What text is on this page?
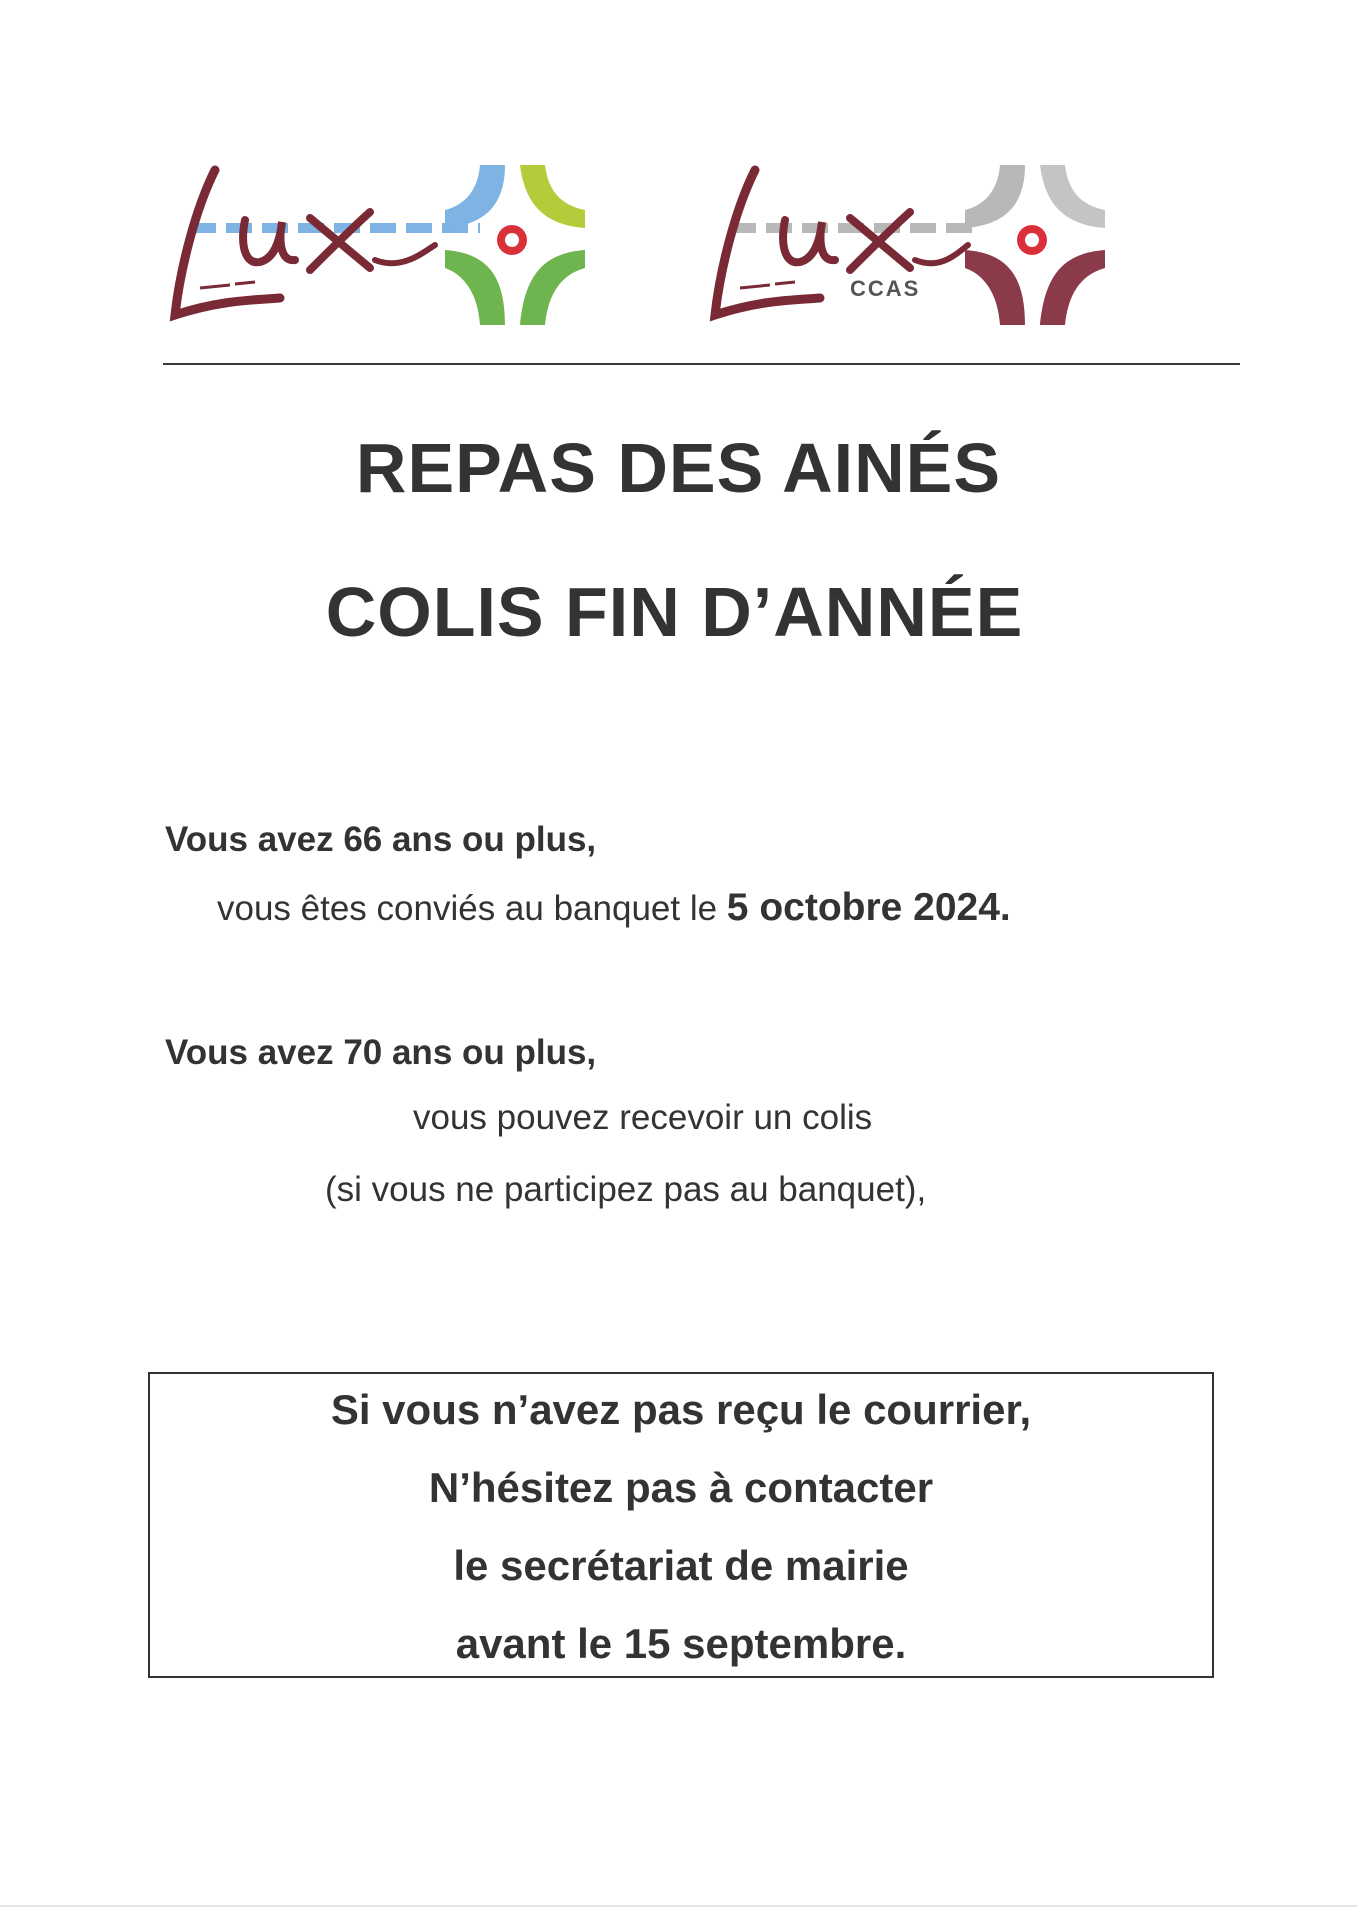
CCAS
REPAS DES AINÉS
COLIS FIN D’ANNÉE

Vous avez 66 ans ou plus,

vous êtes conviés au banquet le 5 octobre 2024.

Vous avez 70 ans ou plus,

vous pouvez recevoir un colis

(si vous ne participez pas au banquet),

Si vous n’avez pas reçu le courrier,

N’hésitez pas à contacter

le secrétariat de mairie

avant le 15 septembre.
